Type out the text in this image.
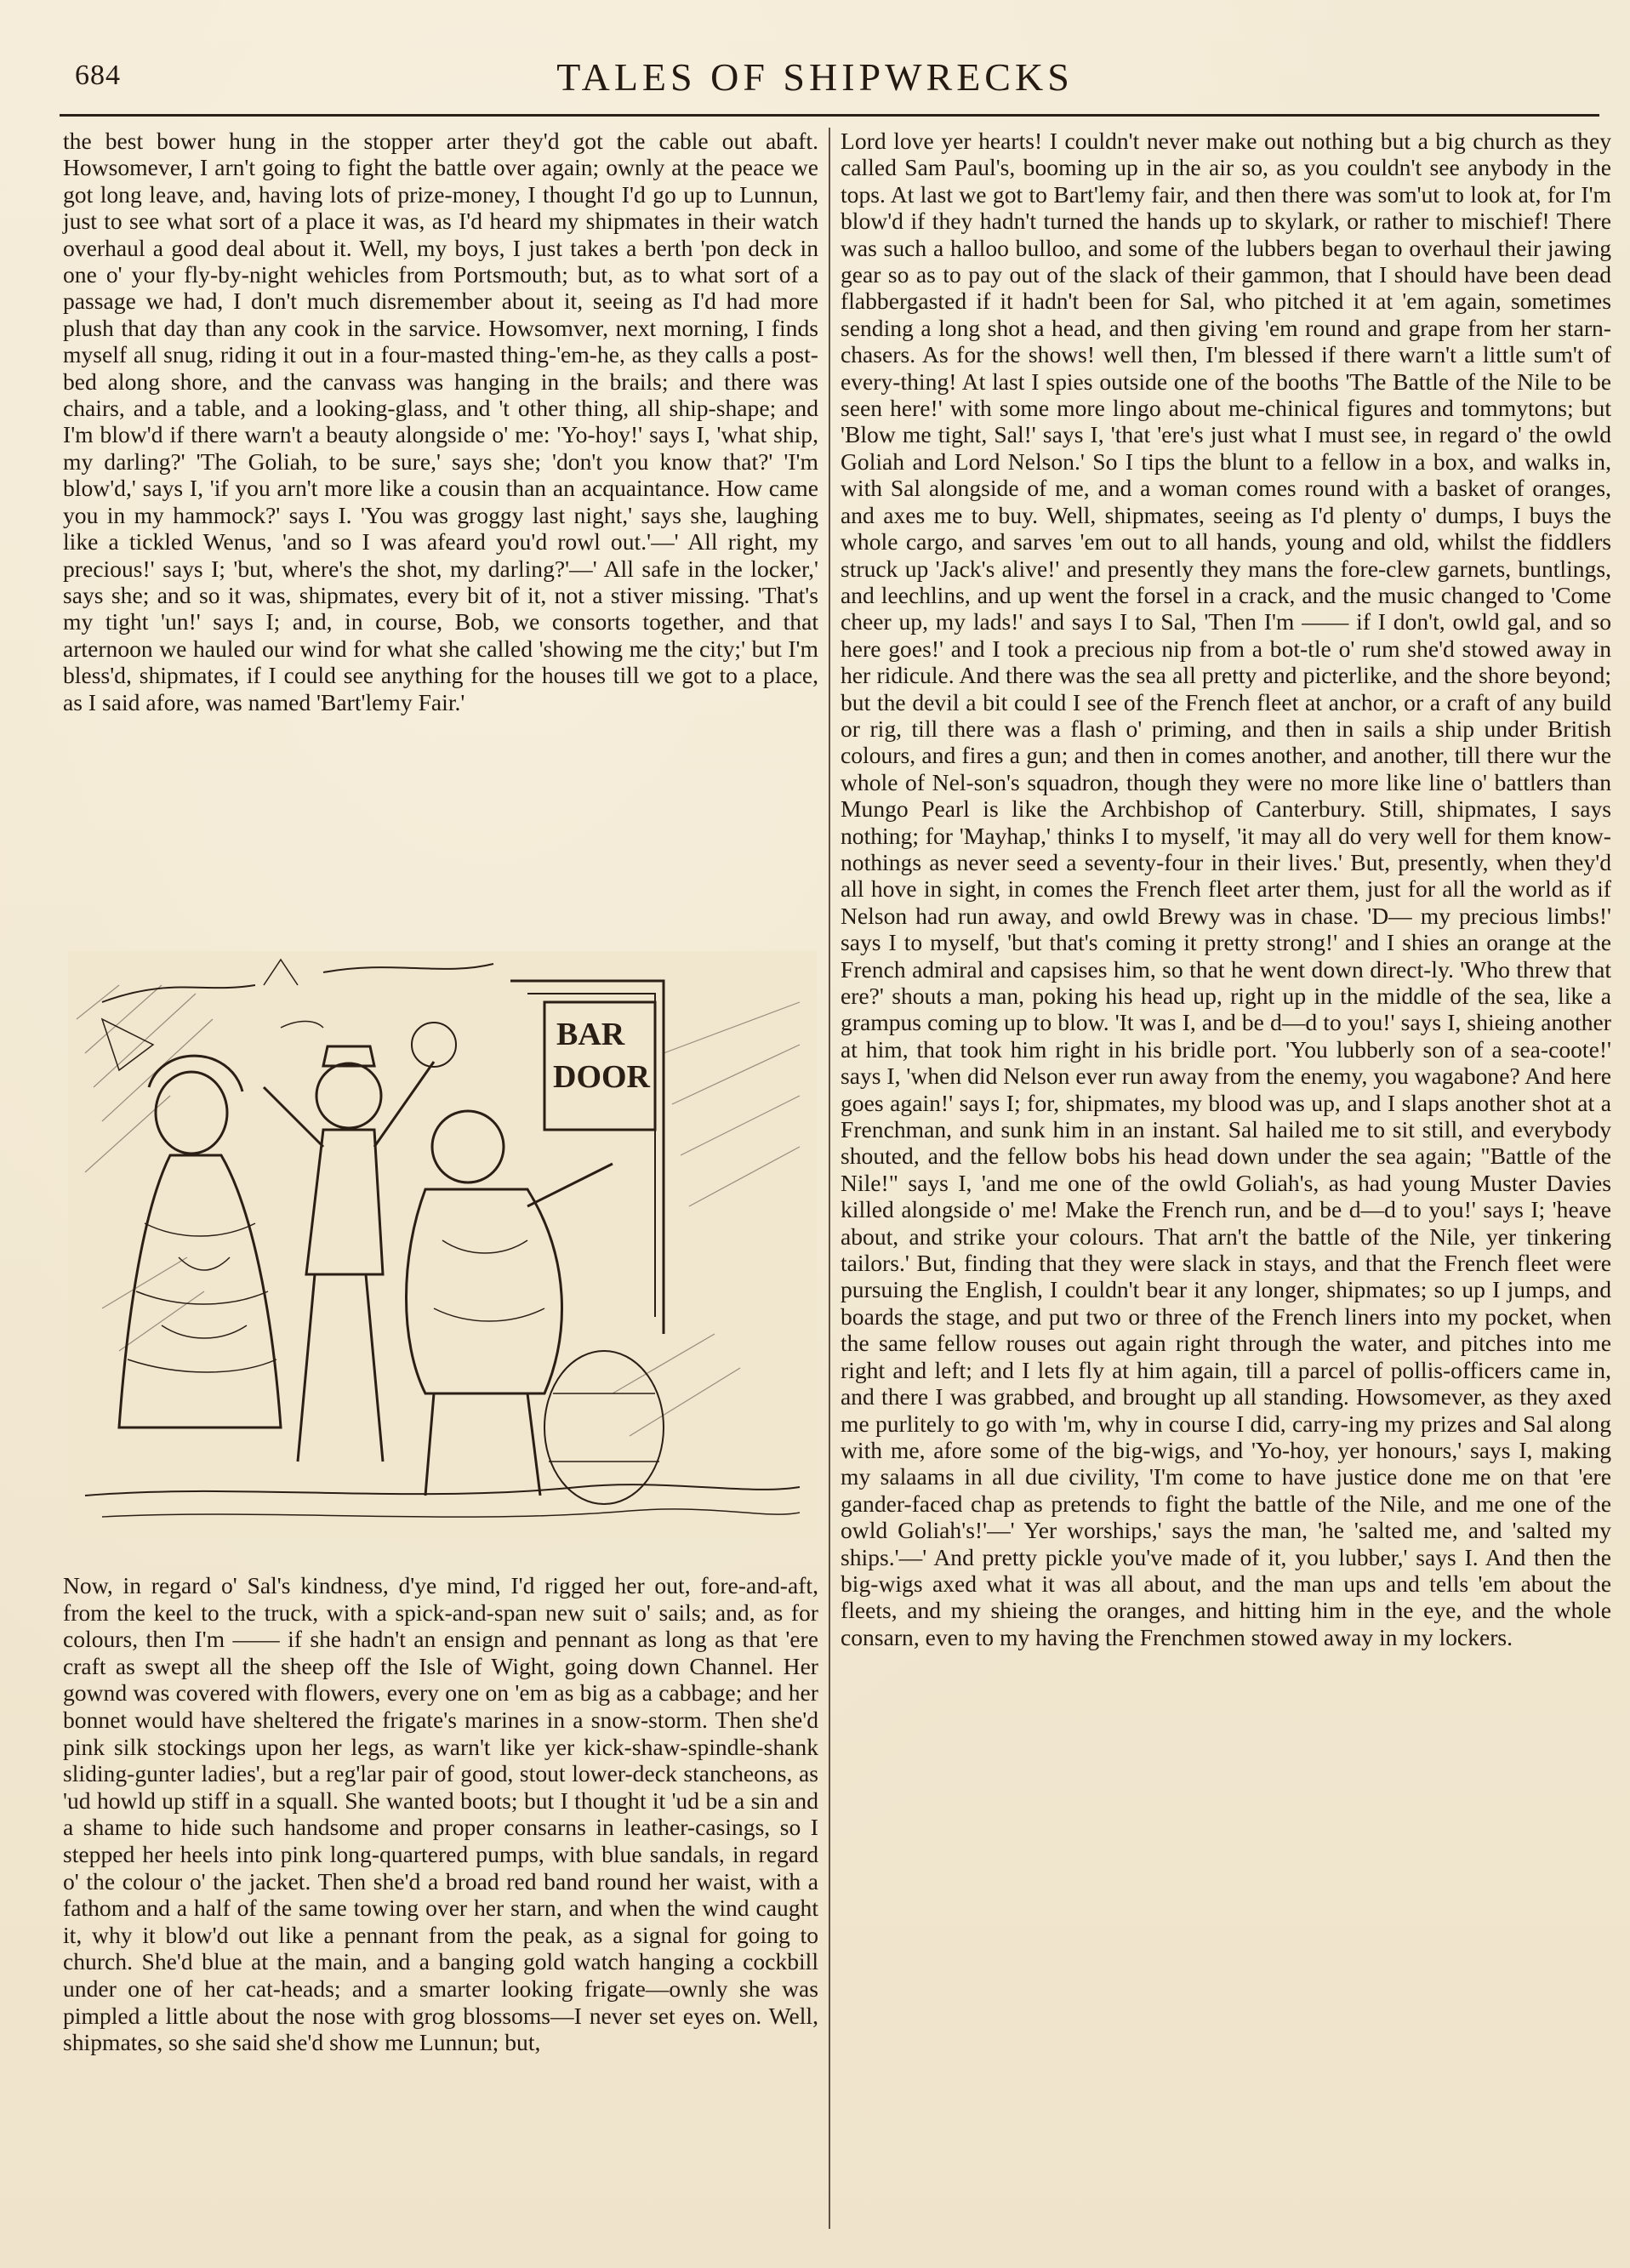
684	TALES OF SHIPWRECKS

the best bower hung in the stopper arter they'd got the cable out abaft. Howsomever, I arn't going to fight the battle over again; ownly at the peace we got long leave, and, having lots of prize-money, I thought I'd go up to Lunnun, just to see what sort of a place it was, as I'd heard my shipmates in their watch overhaul a good deal about it. Well, my boys, I just takes a berth 'pon deck in one o' your fly-by-night wehicles from Portsmouth; but, as to what sort of a passage we had, I don't much disremember about it, seeing as I'd had more plush that day than any cook in the sarvice. Howsomver, next morning, I finds myself all snug, riding it out in a four-masted thing-'em-he, as they calls a post-bed along shore, and the canvass was hanging in the brails; and there was chairs, and a table, and a looking-glass, and 't other thing, all ship-shape; and I'm blow'd if there warn't a beauty alongside o' me: 'Yo-hoy!' says I, 'what ship, my darling?' 'The Goliah, to be sure,' says she; 'don't you know that?' 'I'm blow'd,' says I, 'if you arn't more like a cousin than an acquaintance. How came you in my hammock?' says I. 'You was groggy last night,' says she, laughing like a tickled Wenus, 'and so I was afeard you'd rowl out.'—' All right, my precious!' says I; 'but, where's the shot, my darling?'—' All safe in the locker,' says she; and so it was, shipmates, every bit of it, not a stiver missing. 'That's my tight 'un!' says I; and, in course, Bob, we consorts together, and that arternoon we hauled our wind for what she called 'showing me the city;' but I'm bless'd, shipmates, if I could see anything for the houses till we got to a place, as I said afore, was named 'Bart'lemy Fair.'

BAR
DOOR

Now, in regard o' Sal's kindness, d'ye mind, I'd rigged her out, fore-and-aft, from the keel to the truck, with a spick-and-span new suit o' sails; and, as for colours, then I'm —— if she hadn't an ensign and pennant as long as that 'ere craft as swept all the sheep off the Isle of Wight, going down Channel. Her gownd was covered with flowers, every one on 'em as big as a cabbage; and her bonnet would have sheltered the frigate's marines in a snow-storm. Then she'd pink silk stockings upon her legs, as warn't like yer kick-shaw-spindle-shank sliding-gunter ladies', but a reg'lar pair of good, stout lower-deck stancheons, as 'ud howld up stiff in a squall. She wanted boots; but I thought it 'ud be a sin and a shame to hide such handsome and proper consarns in leather-casings, so I stepped her heels into pink long-quartered pumps, with blue sandals, in regard o' the colour o' the jacket. Then she'd a broad red band round her waist, with a fathom and a half of the same towing over her starn, and when the wind caught it, why it blow'd out like a pennant from the peak, as a signal for going to church. She'd blue at the main, and a banging gold watch hanging a cockbill under one of her cat-heads; and a smarter looking frigate—ownly she was pimpled a little about the nose with grog blossoms—I never set eyes on. Well, shipmates, so she said she'd show me Lunnun; but,

Lord love yer hearts! I couldn't never make out nothing but a big church as they called Sam Paul's, booming up in the air so, as you couldn't see anybody in the tops. At last we got to Bart'lemy fair, and then there was som'ut to look at, for I'm blow'd if they hadn't turned the hands up to skylark, or rather to mischief! There was such a halloo bulloo, and some of the lubbers began to overhaul their jawing gear so as to pay out of the slack of their gammon, that I should have been dead flabbergasted if it hadn't been for Sal, who pitched it at 'em again, sometimes sending a long shot a head, and then giving 'em round and grape from her starn-chasers. As for the shows! well then, I'm blessed if there warn't a little sum't of every-thing! At last I spies outside one of the booths 'The Battle of the Nile to be seen here!' with some more lingo about me-chinical figures and tommytons; but 'Blow me tight, Sal!' says I, 'that 'ere's just what I must see, in regard o' the owld Goliah and Lord Nelson.' So I tips the blunt to a fellow in a box, and walks in, with Sal alongside of me, and a woman comes round with a basket of oranges, and axes me to buy. Well, shipmates, seeing as I'd plenty o' dumps, I buys the whole cargo, and sarves 'em out to all hands, young and old, whilst the fiddlers struck up 'Jack's alive!' and presently they mans the fore-clew garnets, buntlings, and leechlins, and up went the forsel in a crack, and the music changed to 'Come cheer up, my lads!' and says I to Sal, 'Then I'm —— if I don't, owld gal, and so here goes!' and I took a precious nip from a bot-tle o' rum she'd stowed away in her ridicule. And there was the sea all pretty and picterlike, and the shore beyond; but the devil a bit could I see of the French fleet at anchor, or a craft of any build or rig, till there was a flash o' priming, and then in sails a ship under British colours, and fires a gun; and then in comes another, and another, till there wur the whole of Nel-son's squadron, though they were no more like line o' battlers than Mungo Pearl is like the Archbishop of Canterbury. Still, shipmates, I says nothing; for 'Mayhap,' thinks I to myself, 'it may all do very well for them know-nothings as never seed a seventy-four in their lives.' But, presently, when they'd all hove in sight, in comes the French fleet arter them, just for all the world as if Nelson had run away, and owld Brewy was in chase. 'D— my precious limbs!' says I to myself, 'but that's coming it pretty strong!' and I shies an orange at the French admiral and capsises him, so that he went down direct-ly. 'Who threw that ere?' shouts a man, poking his head up, right up in the middle of the sea, like a grampus coming up to blow. 'It was I, and be d—d to you!' says I, shieing another at him, that took him right in his bridle port. 'You lubberly son of a sea-coote!' says I, 'when did Nelson ever run away from the enemy, you wagabone? And here goes again!' says I; for, shipmates, my blood was up, and I slaps another shot at a Frenchman, and sunk him in an instant. Sal hailed me to sit still, and everybody shouted, and the fellow bobs his head down under the sea again; "Battle of the Nile!" says I, 'and me one of the owld Goliah's, as had young Muster Davies killed alongside o' me! Make the French run, and be d—d to you!' says I; 'heave about, and strike your colours. That arn't the battle of the Nile, yer tinkering tailors.' But, finding that they were slack in stays, and that the French fleet were pursuing the English, I couldn't bear it any longer, shipmates; so up I jumps, and boards the stage, and put two or three of the French liners into my pocket, when the same fellow rouses out again right through the water, and pitches into me right and left; and I lets fly at him again, till a parcel of pollis-officers came in, and there I was grabbed, and brought up all standing. Howsomever, as they axed me purlitely to go with 'm, why in course I did, carry-ing my prizes and Sal along with me, afore some of the big-wigs, and 'Yo-hoy, yer honours,' says I, making my salaams in all due civility, 'I'm come to have justice done me on that 'ere gander-faced chap as pretends to fight the battle of the Nile, and me one of the owld Goliah's!'—' Yer worships,' says the man, 'he 'salted me, and 'salted my ships.'—' And pretty pickle you've made of it, you lubber,' says I. And then the big-wigs axed what it was all about, and the man ups and tells 'em about the fleets, and my shieing the oranges, and hitting him in the eye, and the whole consarn, even to my having the Frenchmen stowed away in my lockers.
